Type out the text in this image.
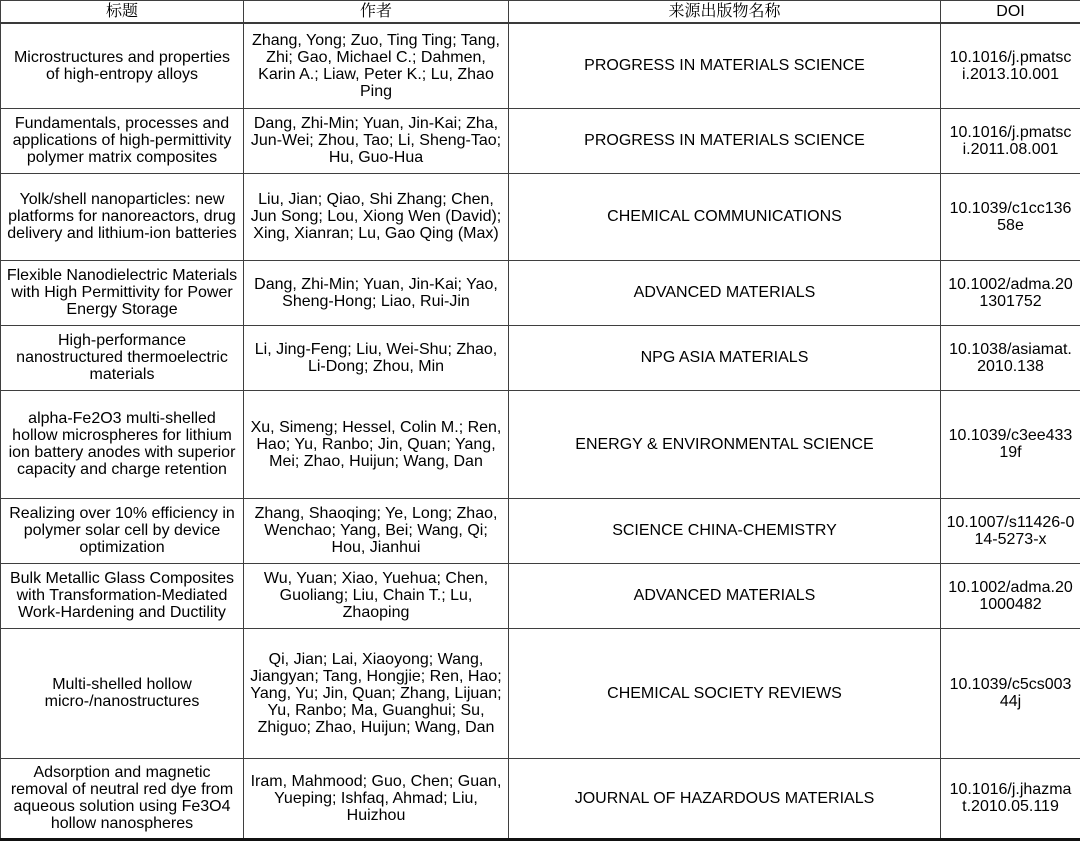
标题	作者	来源出版物名称	DOI
Microstructures and properties of high-entropy alloys	Zhang, Yong; Zuo, Ting Ting; Tang, Zhi; Gao, Michael C.; Dahmen, Karin A.; Liaw, Peter K.; Lu, Zhao Ping	PROGRESS IN MATERIALS SCIENCE	10.1016/j.pmatsci.2013.10.001
Fundamentals, processes and applications of high-permittivity polymer matrix composites	Dang, Zhi-Min; Yuan, Jin-Kai; Zha, Jun-Wei; Zhou, Tao; Li, Sheng-Tao; Hu, Guo-Hua	PROGRESS IN MATERIALS SCIENCE	10.1016/j.pmatsci.2011.08.001
Yolk/shell nanoparticles: new platforms for nanoreactors, drug delivery and lithium-ion batteries	Liu, Jian; Qiao, Shi Zhang; Chen, Jun Song; Lou, Xiong Wen (David); Xing, Xianran; Lu, Gao Qing (Max)	CHEMICAL COMMUNICATIONS	10.1039/c1cc13658e
Flexible Nanodielectric Materials with High Permittivity for Power Energy Storage	Dang, Zhi-Min; Yuan, Jin-Kai; Yao, Sheng-Hong; Liao, Rui-Jin	ADVANCED MATERIALS	10.1002/adma.201301752
High-performance nanostructured thermoelectric materials	Li, Jing-Feng; Liu, Wei-Shu; Zhao, Li-Dong; Zhou, Min	NPG ASIA MATERIALS	10.1038/asiamat.2010.138
alpha-Fe2O3 multi-shelled hollow microspheres for lithium ion battery anodes with superior capacity and charge retention	Xu, Simeng; Hessel, Colin M.; Ren, Hao; Yu, Ranbo; Jin, Quan; Yang, Mei; Zhao, Huijun; Wang, Dan	ENERGY & ENVIRONMENTAL SCIENCE	10.1039/c3ee43319f
Realizing over 10% efficiency in polymer solar cell by device optimization	Zhang, Shaoqing; Ye, Long; Zhao, Wenchao; Yang, Bei; Wang, Qi; Hou, Jianhui	SCIENCE CHINA-CHEMISTRY	10.1007/s11426-014-5273-x
Bulk Metallic Glass Composites with Transformation-Mediated Work-Hardening and Ductility	Wu, Yuan; Xiao, Yuehua; Chen, Guoliang; Liu, Chain T.; Lu, Zhaoping	ADVANCED MATERIALS	10.1002/adma.201000482
Multi-shelled hollow micro-/nanostructures	Qi, Jian; Lai, Xiaoyong; Wang, Jiangyan; Tang, Hongjie; Ren, Hao; Yang, Yu; Jin, Quan; Zhang, Lijuan; Yu, Ranbo; Ma, Guanghui; Su, Zhiguo; Zhao, Huijun; Wang, Dan	CHEMICAL SOCIETY REVIEWS	10.1039/c5cs00344j
Adsorption and magnetic removal of neutral red dye from aqueous solution using Fe3O4 hollow nanospheres	Iram, Mahmood; Guo, Chen; Guan, Yueping; Ishfaq, Ahmad; Liu, Huizhou	JOURNAL OF HAZARDOUS MATERIALS	10.1016/j.jhazmat.2010.05.119
